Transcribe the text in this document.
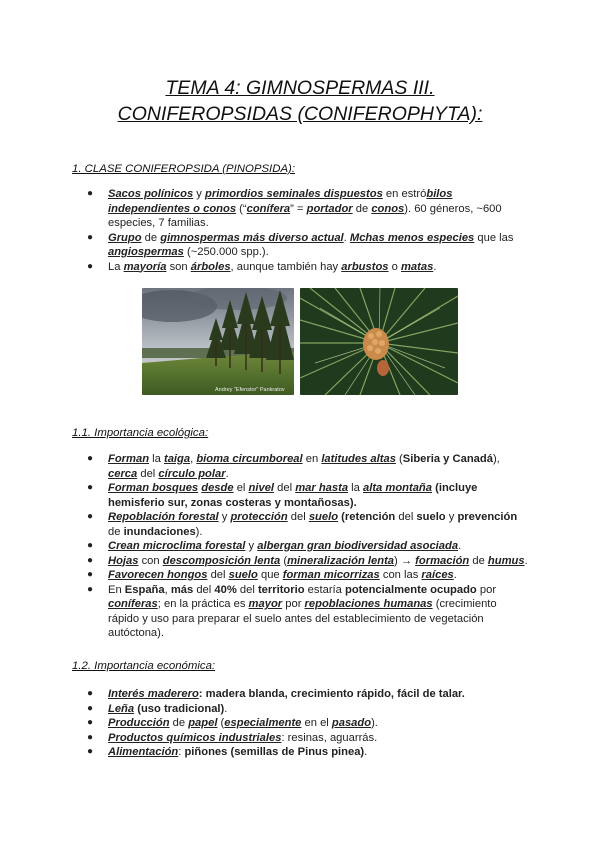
TEMA 4: GIMNOSPERMAS III.
CONIFEROPSIDAS (CONIFEROPHYTA):
1. CLASE CONIFEROPSIDA (PINOPSIDA):
● Sacos polínicos y primordios seminales dispuestos en estróbilos independientes o conos (“conífera” = portador de conos). 60 géneros, ~600 especies, 7 familias.
● Grupo de gimnospermas más diverso actual. Mchas menos especies que las angiospermas (~250.000 spp.).
● La mayoría son árboles, aunque también hay arbustos o matas.
Andrey "Efenstor" Pankratov
1.1. Importancia ecológica:
● Forman la taiga, bioma circumboreal en latitudes altas (Siberia y Canadá), cerca del círculo polar.
● Forman bosques desde el nivel del mar hasta la alta montaña (incluye hemisferio sur, zonas costeras y montañosas).
● Repoblación forestal y protección del suelo (retención del suelo y prevención de inundaciones).
● Crean microclima forestal y albergan gran biodiversidad asociada.
● Hojas con descomposición lenta (mineralización lenta) → formación de humus.
● Favorecen hongos del suelo que forman micorrizas con las raíces.
● En España, más del 40% del territorio estaría potencialmente ocupado por coníferas; en la práctica es mayor por repoblaciones humanas (crecimiento rápido y uso para preparar el suelo antes del establecimiento de vegetación autóctona).
1.2. Importancia económica:
● Interés maderero: madera blanda, crecimiento rápido, fácil de talar.
● Leña (uso tradicional).
● Producción de papel (especialmente en el pasado).
● Productos químicos industriales: resinas, aguarrás.
● Alimentación: piñones (semillas de Pinus pinea).
